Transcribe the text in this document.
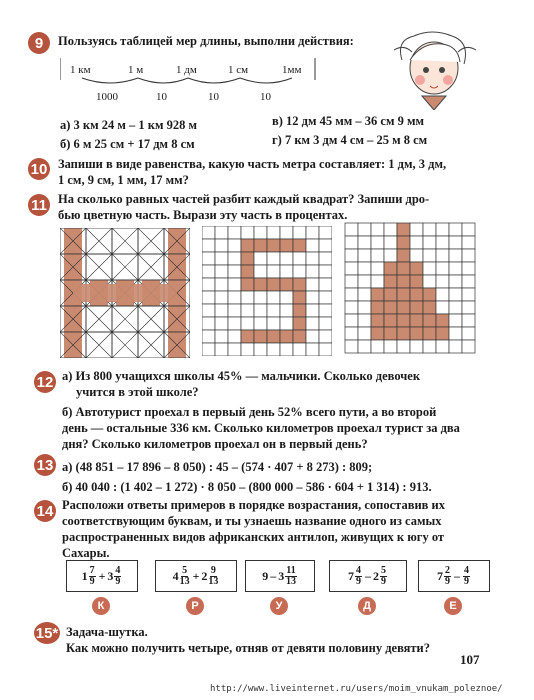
9	Пользуясь таблицей мер длины, выполни действия:
1 км	1 м	1 дм	1 см	1мм
1000	10	10	10
а) 3 км 24 м – 1 км 928 м	в) 12 дм 45 мм – 36 см 9 мм
б) 6 м 25 см + 17 дм 8 см	г) 7 км 3 дм 4 см – 25 м 8 см
10 Запиши в виде равенства, какую часть метра составляет: 1 дм, 3 дм,
1 см, 9 см, 1 мм, 17 мм?
11 На сколько равных частей разбит каждый квадрат? Запиши дро-
бью цветную часть. Вырази эту часть в процентах.
12 а) Из 800 учащихся школы 45% — мальчики. Сколько девочек
учится в этой школе?
б) Автотурист проехал в первый день 52% всего пути, а во второй
день — остальные 336 км. Сколько километров проехал турист за два
дня? Сколько километров проехал он в первый день?
13 а) (48 851 – 17 896 – 8 050) : 45 – (574 · 407 + 8 273) : 809;
б) 40 040 : (1 402 – 1 272) · 8 050 – (800 000 – 586 · 604 + 1 314) : 913.
14 Расположи ответы примеров в порядке возрастания, сопоставив их
соответствующим буквам, и ты узнаешь название одного из самых
распространенных видов африканских антилоп, живущих к югу от
Сахары.
$1 \frac{7}{9} + 3 \frac{4}{9}$
К
$4 \frac{5}{13} + 2 \frac{9}{13}$
Р
$9 - 3 \frac{11}{13}$
У
$7 \frac{4}{9} - 2 \frac{5}{9}$
Д
$7 \frac{2}{9} - \frac{4}{9}$
Е
15* Задача-шутка.
Как можно получить четыре, отняв от девяти половину девяти?
107
http://www.liveinternet.ru/users/moim_vnukam_poleznoe/
